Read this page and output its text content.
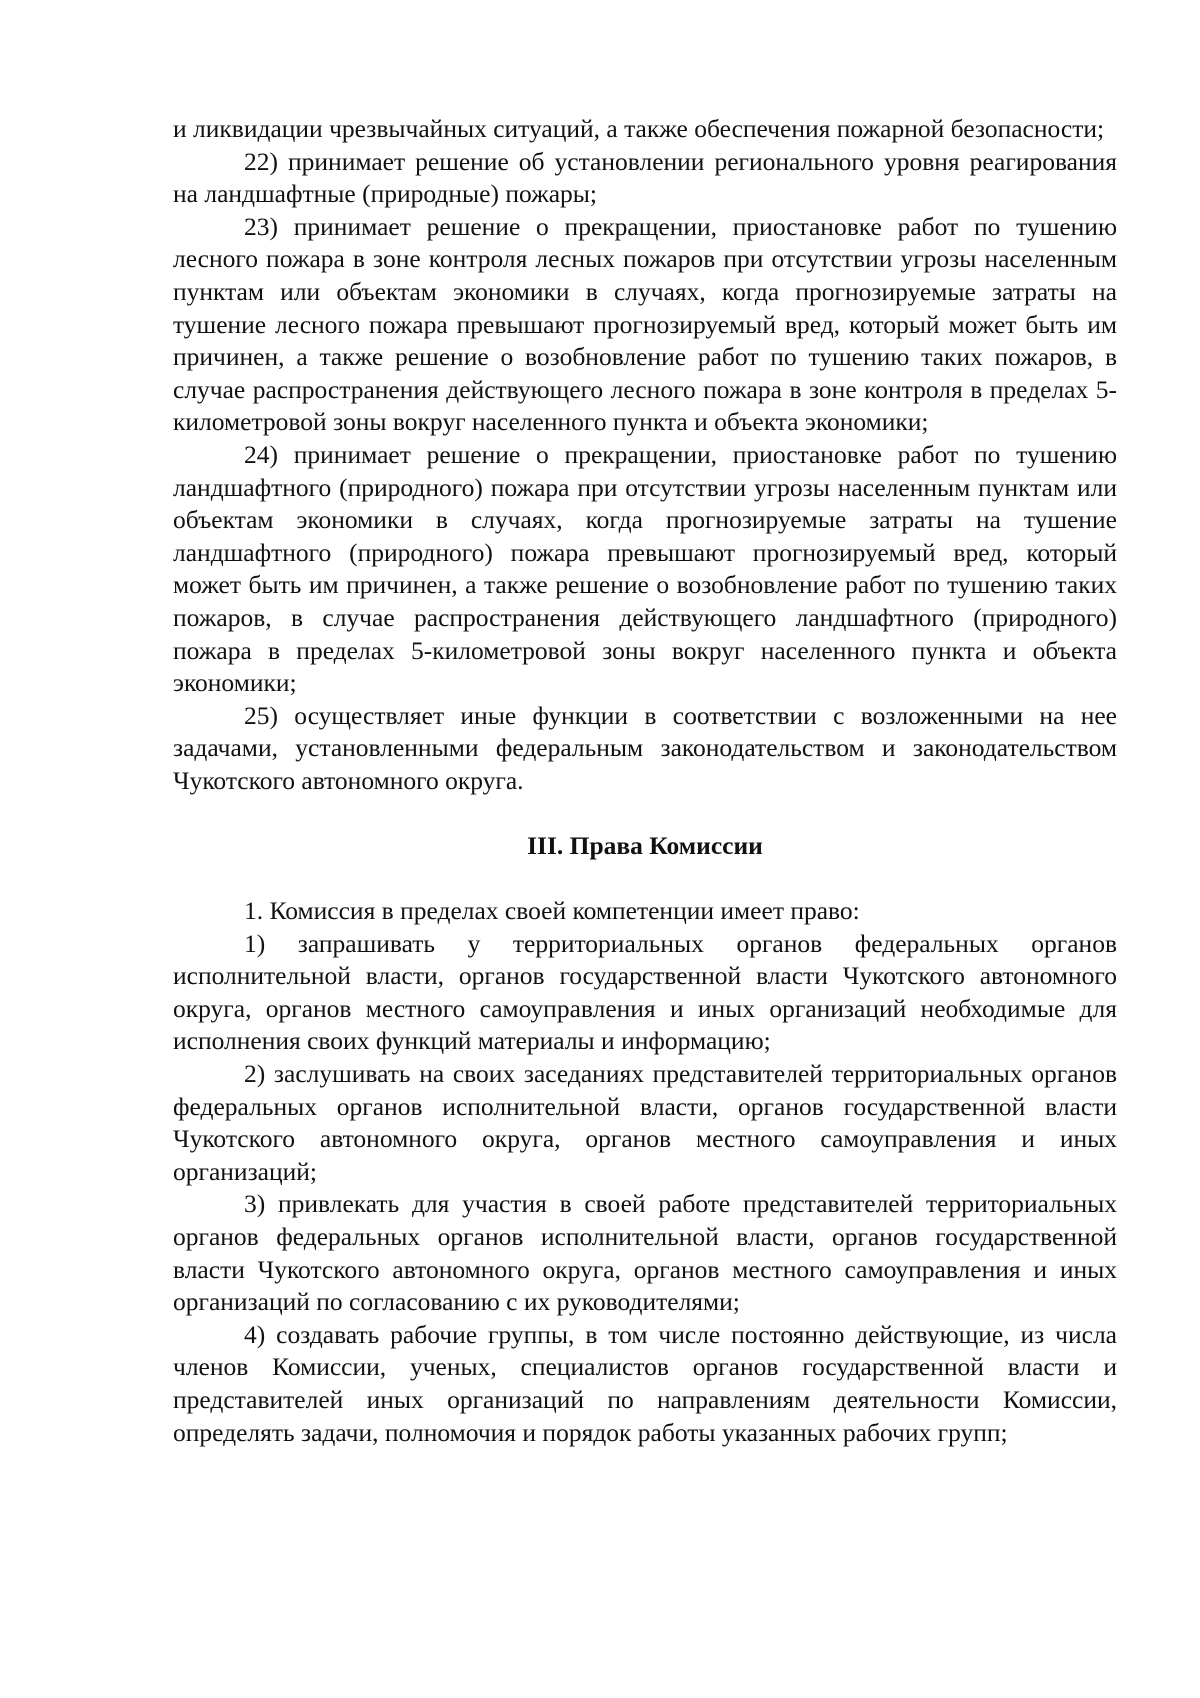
и ликвидации чрезвычайных ситуаций, а также обеспечения пожарной безопасности;

22) принимает решение об установлении регионального уровня реагирования на ландшафтные (природные) пожары;

23) принимает решение о прекращении, приостановке работ по тушению лесного пожара в зоне контроля лесных пожаров при отсутствии угрозы населенным пунктам или объектам экономики в случаях, когда прогнозируемые затраты на тушение лесного пожара превышают прогнозируемый вред, который может быть им причинен, а также решение о возобновление работ по тушению таких пожаров, в случае распространения действующего лесного пожара в зоне контроля в пределах 5-километровой зоны вокруг населенного пункта и объекта экономики;

24) принимает решение о прекращении, приостановке работ по тушению ландшафтного (природного) пожара при отсутствии угрозы населенным пунктам или объектам экономики в случаях, когда прогнозируемые затраты на тушение ландшафтного (природного) пожара превышают прогнозируемый вред, который может быть им причинен, а также решение о возобновление работ по тушению таких пожаров, в случае распространения действующего ландшафтного (природного) пожара в пределах 5-километровой зоны вокруг населенного пункта и объекта экономики;

25) осуществляет иные функции в соответствии с возложенными на нее задачами, установленными федеральным законодательством и законодательством Чукотского автономного округа.

III. Права Комиссии

1. Комиссия в пределах своей компетенции имеет право:

1) запрашивать у территориальных органов федеральных органов исполнительной власти, органов государственной власти Чукотского автономного округа, органов местного самоуправления и иных организаций необходимые для исполнения своих функций материалы и информацию;

2) заслушивать на своих заседаниях представителей территориальных органов федеральных органов исполнительной власти, органов государственной власти Чукотского автономного округа, органов местного самоуправления и иных организаций;

3) привлекать для участия в своей работе представителей территориальных органов федеральных органов исполнительной власти, органов государственной власти Чукотского автономного округа, органов местного самоуправления и иных организаций по согласованию с их руководителями;

4) создавать рабочие группы, в том числе постоянно действующие, из числа членов Комиссии, ученых, специалистов органов государственной власти и представителей иных организаций по направлениям деятельности Комиссии, определять задачи, полномочия и порядок работы указанных рабочих групп;
